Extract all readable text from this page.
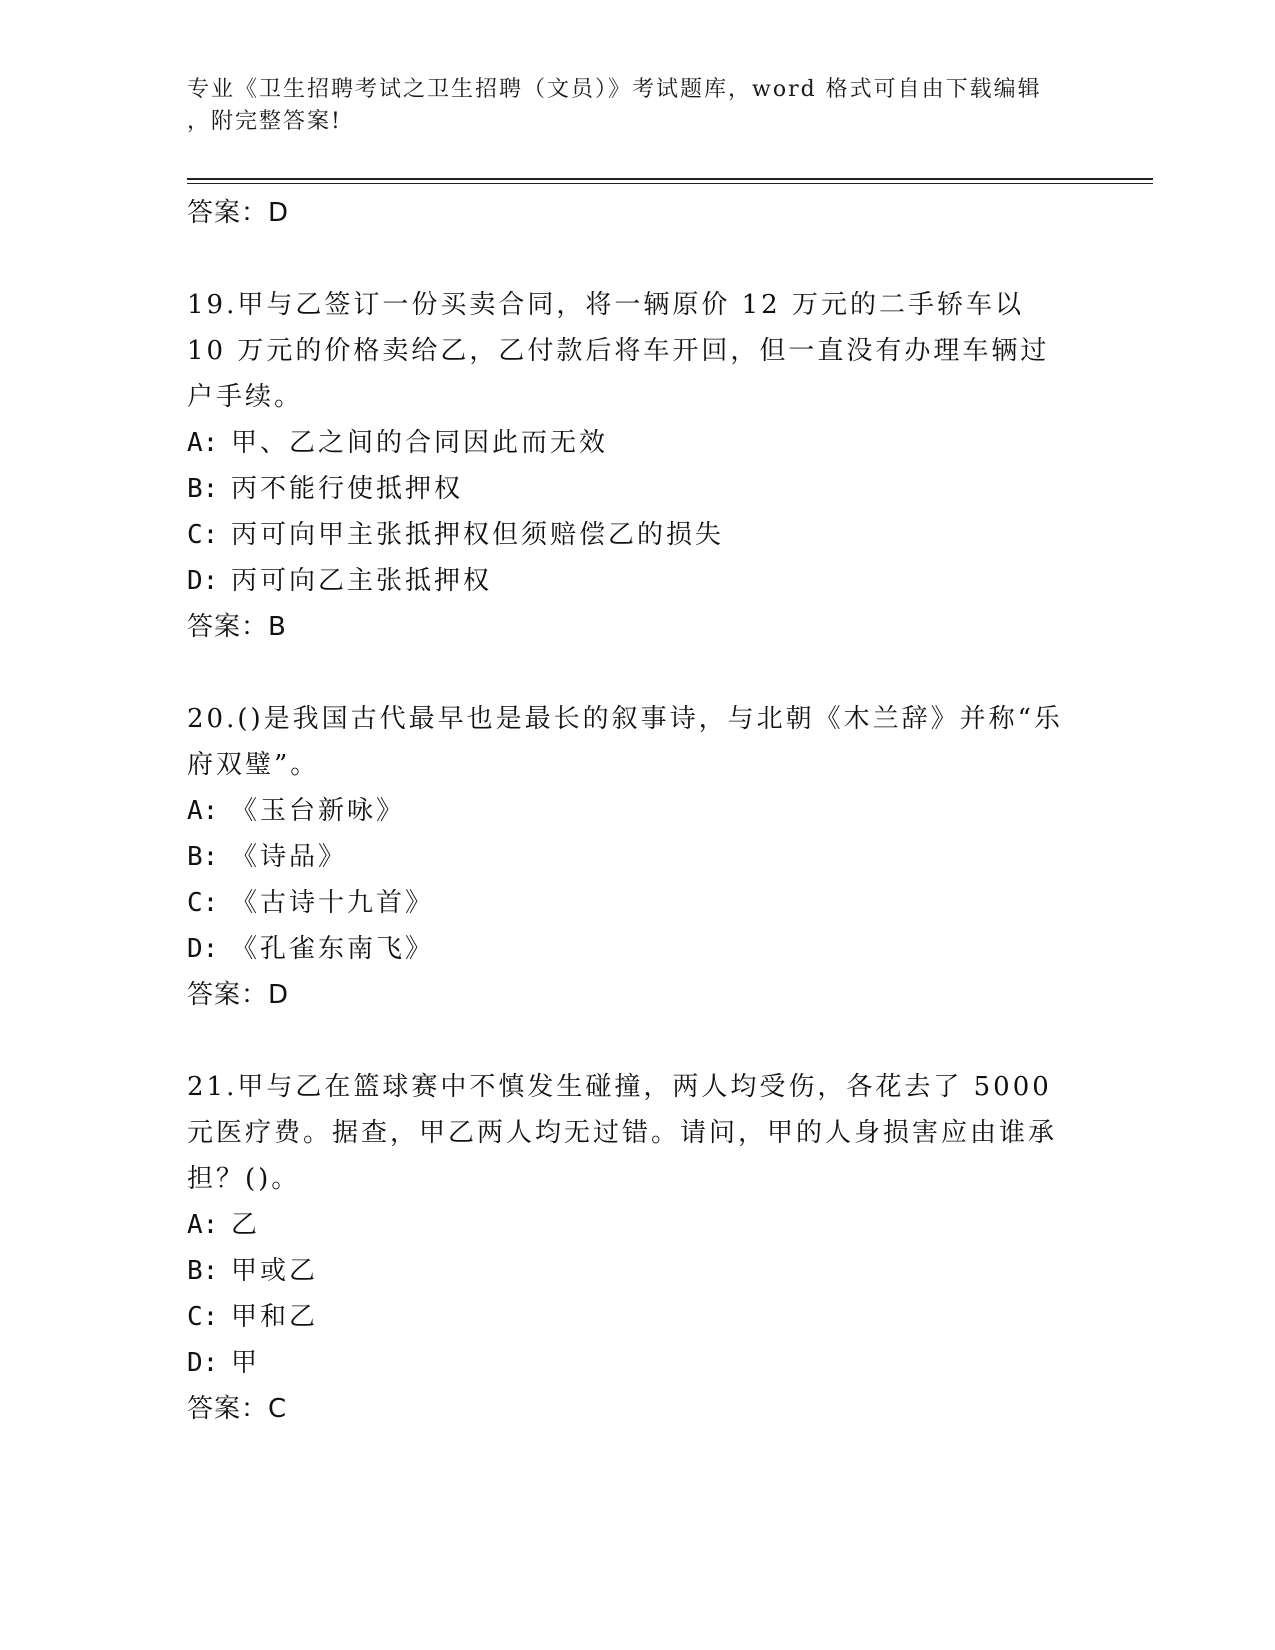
专业《卫生招聘考试之卫生招聘（文员）》考试题库，word 格式可自由下载编辑
，附完整答案!
答案：D

19.甲与乙签订一份买卖合同，将一辆原价 12 万元的二手轿车以 10 万元的价格卖给乙，乙付款后将车开回，但一直没有办理车辆过户手续。

A: 甲、乙之间的合同因此而无效
B: 丙不能行使抵押权
C: 丙可向甲主张抵押权但须赔偿乙的损失
D: 丙可向乙主张抵押权
答案：B

20.()是我国古代最早也是最长的叙事诗，与北朝《木兰辞》并称“乐府双璧”。

A: 《玉台新咏》
B: 《诗品》
C: 《古诗十九首》
D: 《孔雀东南飞》
答案：D

21.甲与乙在篮球赛中不慎发生碰撞，两人均受伤，各花去了 5000 元医疗费。据查，甲乙两人均无过错。请问，甲的人身损害应由谁承担？()。

A: 乙
B: 甲或乙
C: 甲和乙
D: 甲
答案：C
